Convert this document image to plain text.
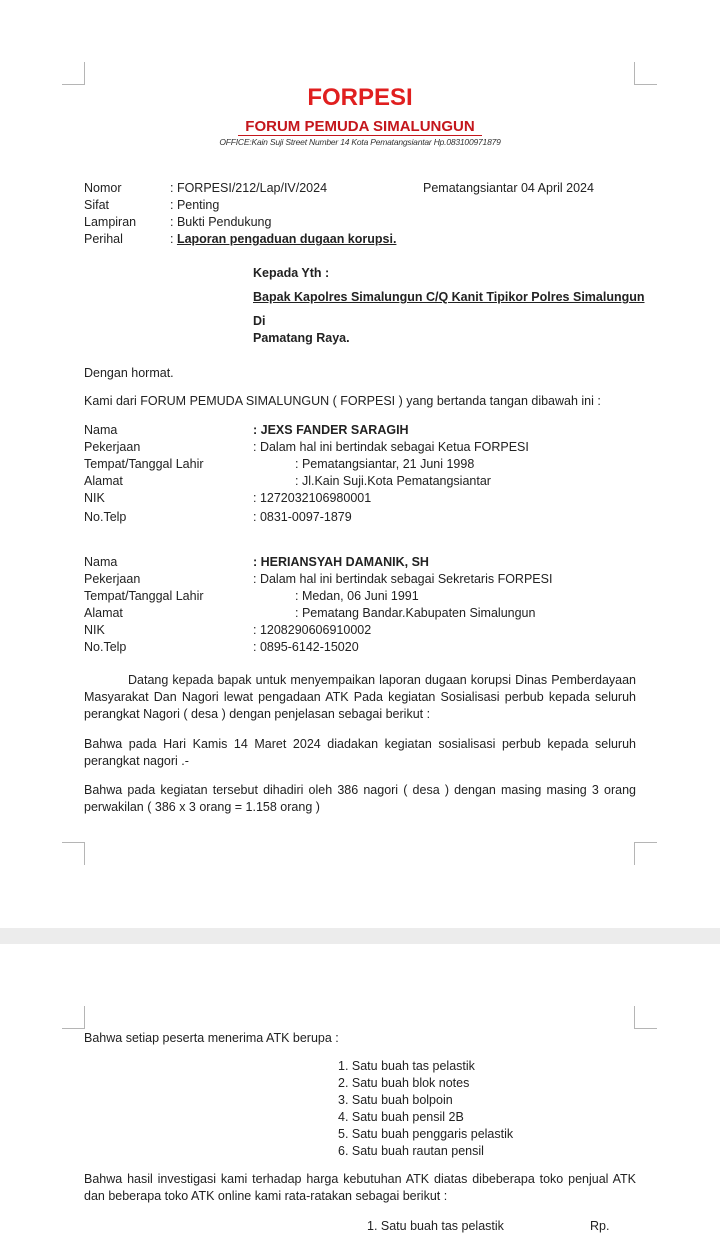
FORPESI
FORUM PEMUDA SIMALUNGUN
OFFICE:Kain Suji Street Number 14 Kota Pematangsiantar Hp.083100971879
Nomor	: FORPESI/212/Lap/IV/2024	Pematangsiantar 04 April 2024
Sifat	: Penting
Lampiran	: Bukti Pendukung
Perihal	: Laporan pengaduan dugaan korupsi.
Kepada Yth :
Bapak Kapolres Simalungun C/Q Kanit Tipikor Polres Simalungun
Di
Pamatang Raya.
Dengan hormat.
Kami dari FORUM PEMUDA SIMALUNGUN ( FORPESI ) yang bertanda tangan dibawah ini :
Nama	: JEXS FANDER SARAGIH
Pekerjaan	: Dalam hal ini bertindak sebagai Ketua FORPESI
Tempat/Tanggal Lahir	: Pematangsiantar, 21 Juni 1998
Alamat	: Jl.Kain Suji.Kota Pematangsiantar
NIK	: 1272032106980001
No.Telp	: 0831-0097-1879
Nama	: HERIANSYAH DAMANIK, SH
Pekerjaan	: Dalam hal ini bertindak sebagai Sekretaris FORPESI
Tempat/Tanggal Lahir	: Medan, 06 Juni 1991
Alamat	: Pematang Bandar.Kabupaten Simalungun
NIK	: 1208290606910002
No.Telp	: 0895-6142-15020
Datang kepada bapak untuk menyempaikan laporan dugaan korupsi Dinas Pemberdayaan Masyarakat Dan Nagori lewat pengadaan ATK Pada kegiatan Sosialisasi perbub kepada seluruh perangkat Nagori ( desa ) dengan penjelasan sebagai berikut :
Bahwa pada Hari Kamis 14 Maret 2024 diadakan kegiatan sosialisasi perbub kepada seluruh perangkat nagori .-
Bahwa pada kegiatan tersebut dihadiri oleh 386 nagori ( desa ) dengan masing masing 3 orang perwakilan ( 386 x 3 orang = 1.158 orang )
Bahwa setiap peserta menerima ATK berupa :
1. Satu buah tas pelastik
2. Satu buah blok notes
3. Satu buah bolpoin
4. Satu buah pensil 2B
5. Satu buah penggaris pelastik
6. Satu buah rautan pensil
Bahwa hasil investigasi kami terhadap harga kebutuhan ATK diatas dibeberapa toko penjual ATK dan beberapa toko ATK online kami rata-ratakan sebagai berikut :
1. Satu buah tas pelastik	Rp.
